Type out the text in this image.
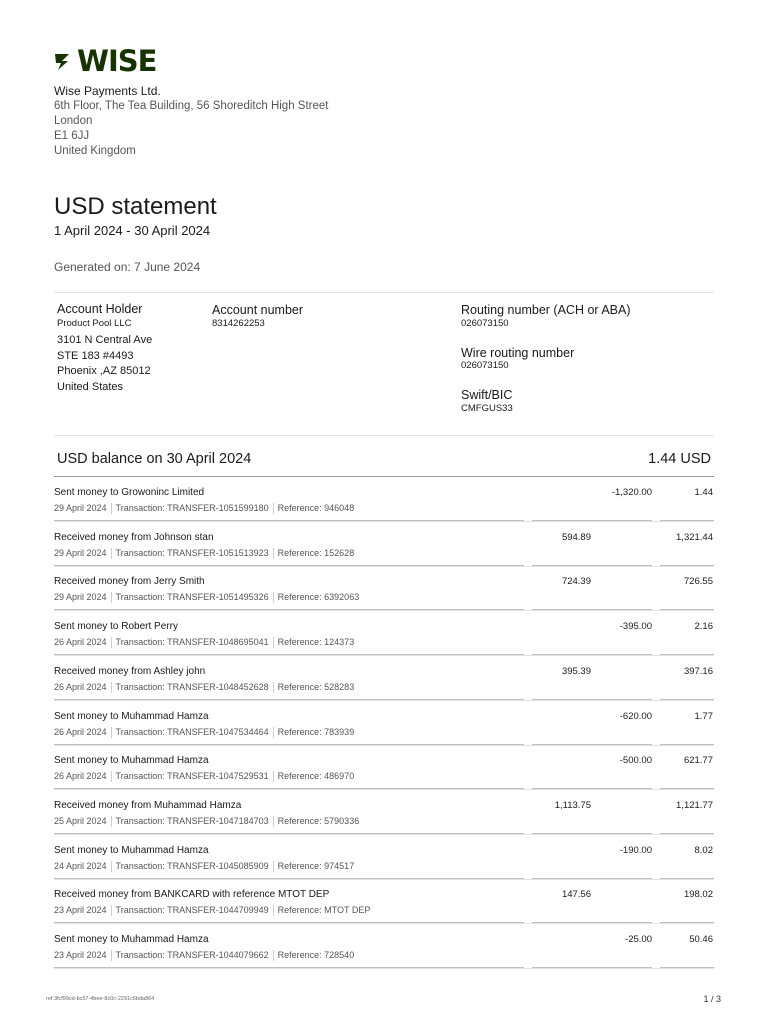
WISE
Wise Payments Ltd.
6th Floor, The Tea Building, 56 Shoreditch High Street
London
E1 6JJ
United Kingdom
USD statement
1 April 2024 - 30 April 2024
Generated on: 7 June 2024
Account Holder
Product Pool LLC
3101 N Central Ave
STE 183 #4493
Phoenix ,AZ 85012
United States
Account number
8314262253
Routing number (ACH or ABA)
026073150
Wire routing number
026073150
Swift/BIC
CMFGUS33
USD balance on 30 April 2024	1.44 USD
Sent money to Growoninc Limited
29 April 2024	Transaction: TRANSFER-1051599180	Reference: 946048
-1,320.00	1.44
Received money from Johnson stan
29 April 2024	Transaction: TRANSFER-1051513923	Reference: 152628
594.89	1,321.44
Received money from Jerry Smith
29 April 2024	Transaction: TRANSFER-1051495326	Reference: 6392063
724.39	726.55
Sent money to Robert Perry
26 April 2024	Transaction: TRANSFER-1048695041	Reference: 124373
-395.00	2.16
Received money from Ashley john
26 April 2024	Transaction: TRANSFER-1048452628	Reference: 528283
395.39	397.16
Sent money to Muhammad Hamza
26 April 2024	Transaction: TRANSFER-1047534464	Reference: 783939
-620.00	1.77
Sent money to Muhammad Hamza
26 April 2024	Transaction: TRANSFER-1047529531	Reference: 486970
-500.00	621.77
Received money from Muhammad Hamza
25 April 2024	Transaction: TRANSFER-1047184703	Reference: 5790336
1,113.75	1,121.77
Sent money to Muhammad Hamza
24 April 2024	Transaction: TRANSFER-1045085909	Reference: 974517
-190.00	8.02
Received money from BANKCARD with reference MTOT DEP
23 April 2024	Transaction: TRANSFER-1044709949	Reference: MTOT DEP
147.56	198.02
Sent money to Muhammad Hamza
23 April 2024	Transaction: TRANSFER-1044079662	Reference: 728540
-25.00	50.46
ref:3fcf99cd-bc57-4bee-8c0c-2291c6bda864	1 / 3
